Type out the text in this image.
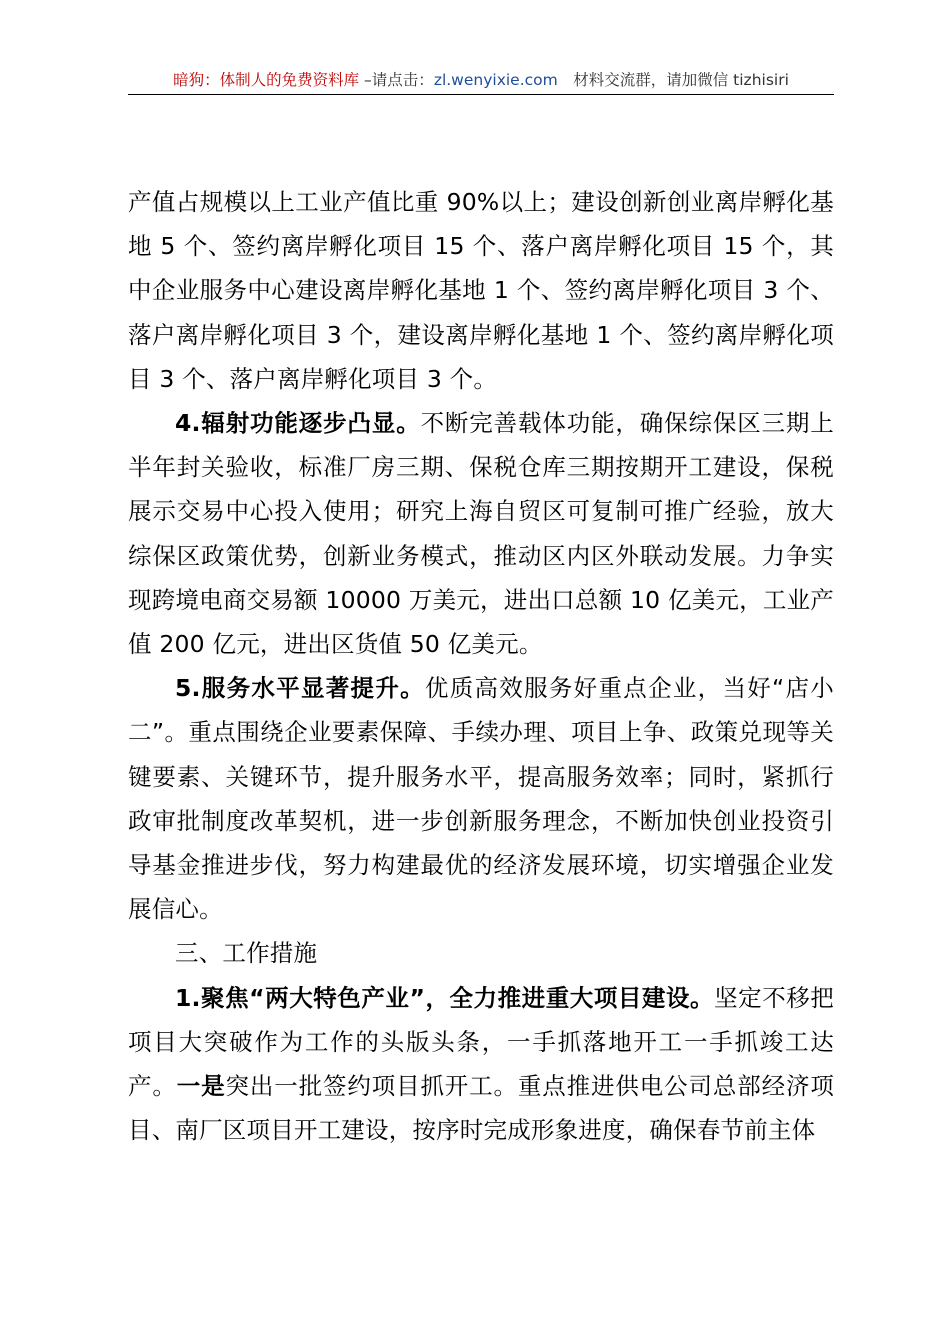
暗狗：体制人的免费资料库 –请点击：zl.wenyixie.com　材料交流群，请加微信 tizhisiri

产值占规模以上工业产值比重 90%以上；建设创新创业离岸孵化基地 5 个、签约离岸孵化项目 15 个、落户离岸孵化项目 15 个，其中企业服务中心建设离岸孵化基地 1 个、签约离岸孵化项目 3 个、落户离岸孵化项目 3 个，建设离岸孵化基地 1 个、签约离岸孵化项目 3 个、落户离岸孵化项目 3 个。

4.辐射功能逐步凸显。不断完善载体功能，确保综保区三期上半年封关验收，标准厂房三期、保税仓库三期按期开工建设，保税展示交易中心投入使用；研究上海自贸区可复制可推广经验，放大综保区政策优势，创新业务模式，推动区内区外联动发展。力争实现跨境电商交易额 10000 万美元，进出口总额 10 亿美元，工业产值 200 亿元，进出区货值 50 亿美元。

5.服务水平显著提升。优质高效服务好重点企业，当好“店小二”。重点围绕企业要素保障、手续办理、项目上争、政策兑现等关键要素、关键环节，提升服务水平，提高服务效率；同时，紧抓行政审批制度改革契机，进一步创新服务理念，不断加快创业投资引导基金推进步伐，努力构建最优的经济发展环境，切实增强企业发展信心。

三、工作措施

1.聚焦“两大特色产业”，全力推进重大项目建设。坚定不移把项目大突破作为工作的头版头条，一手抓落地开工一手抓竣工达产。一是突出一批签约项目抓开工。重点推进供电公司总部经济项目、南厂区项目开工建设，按序时完成形象进度，确保春节前主体
